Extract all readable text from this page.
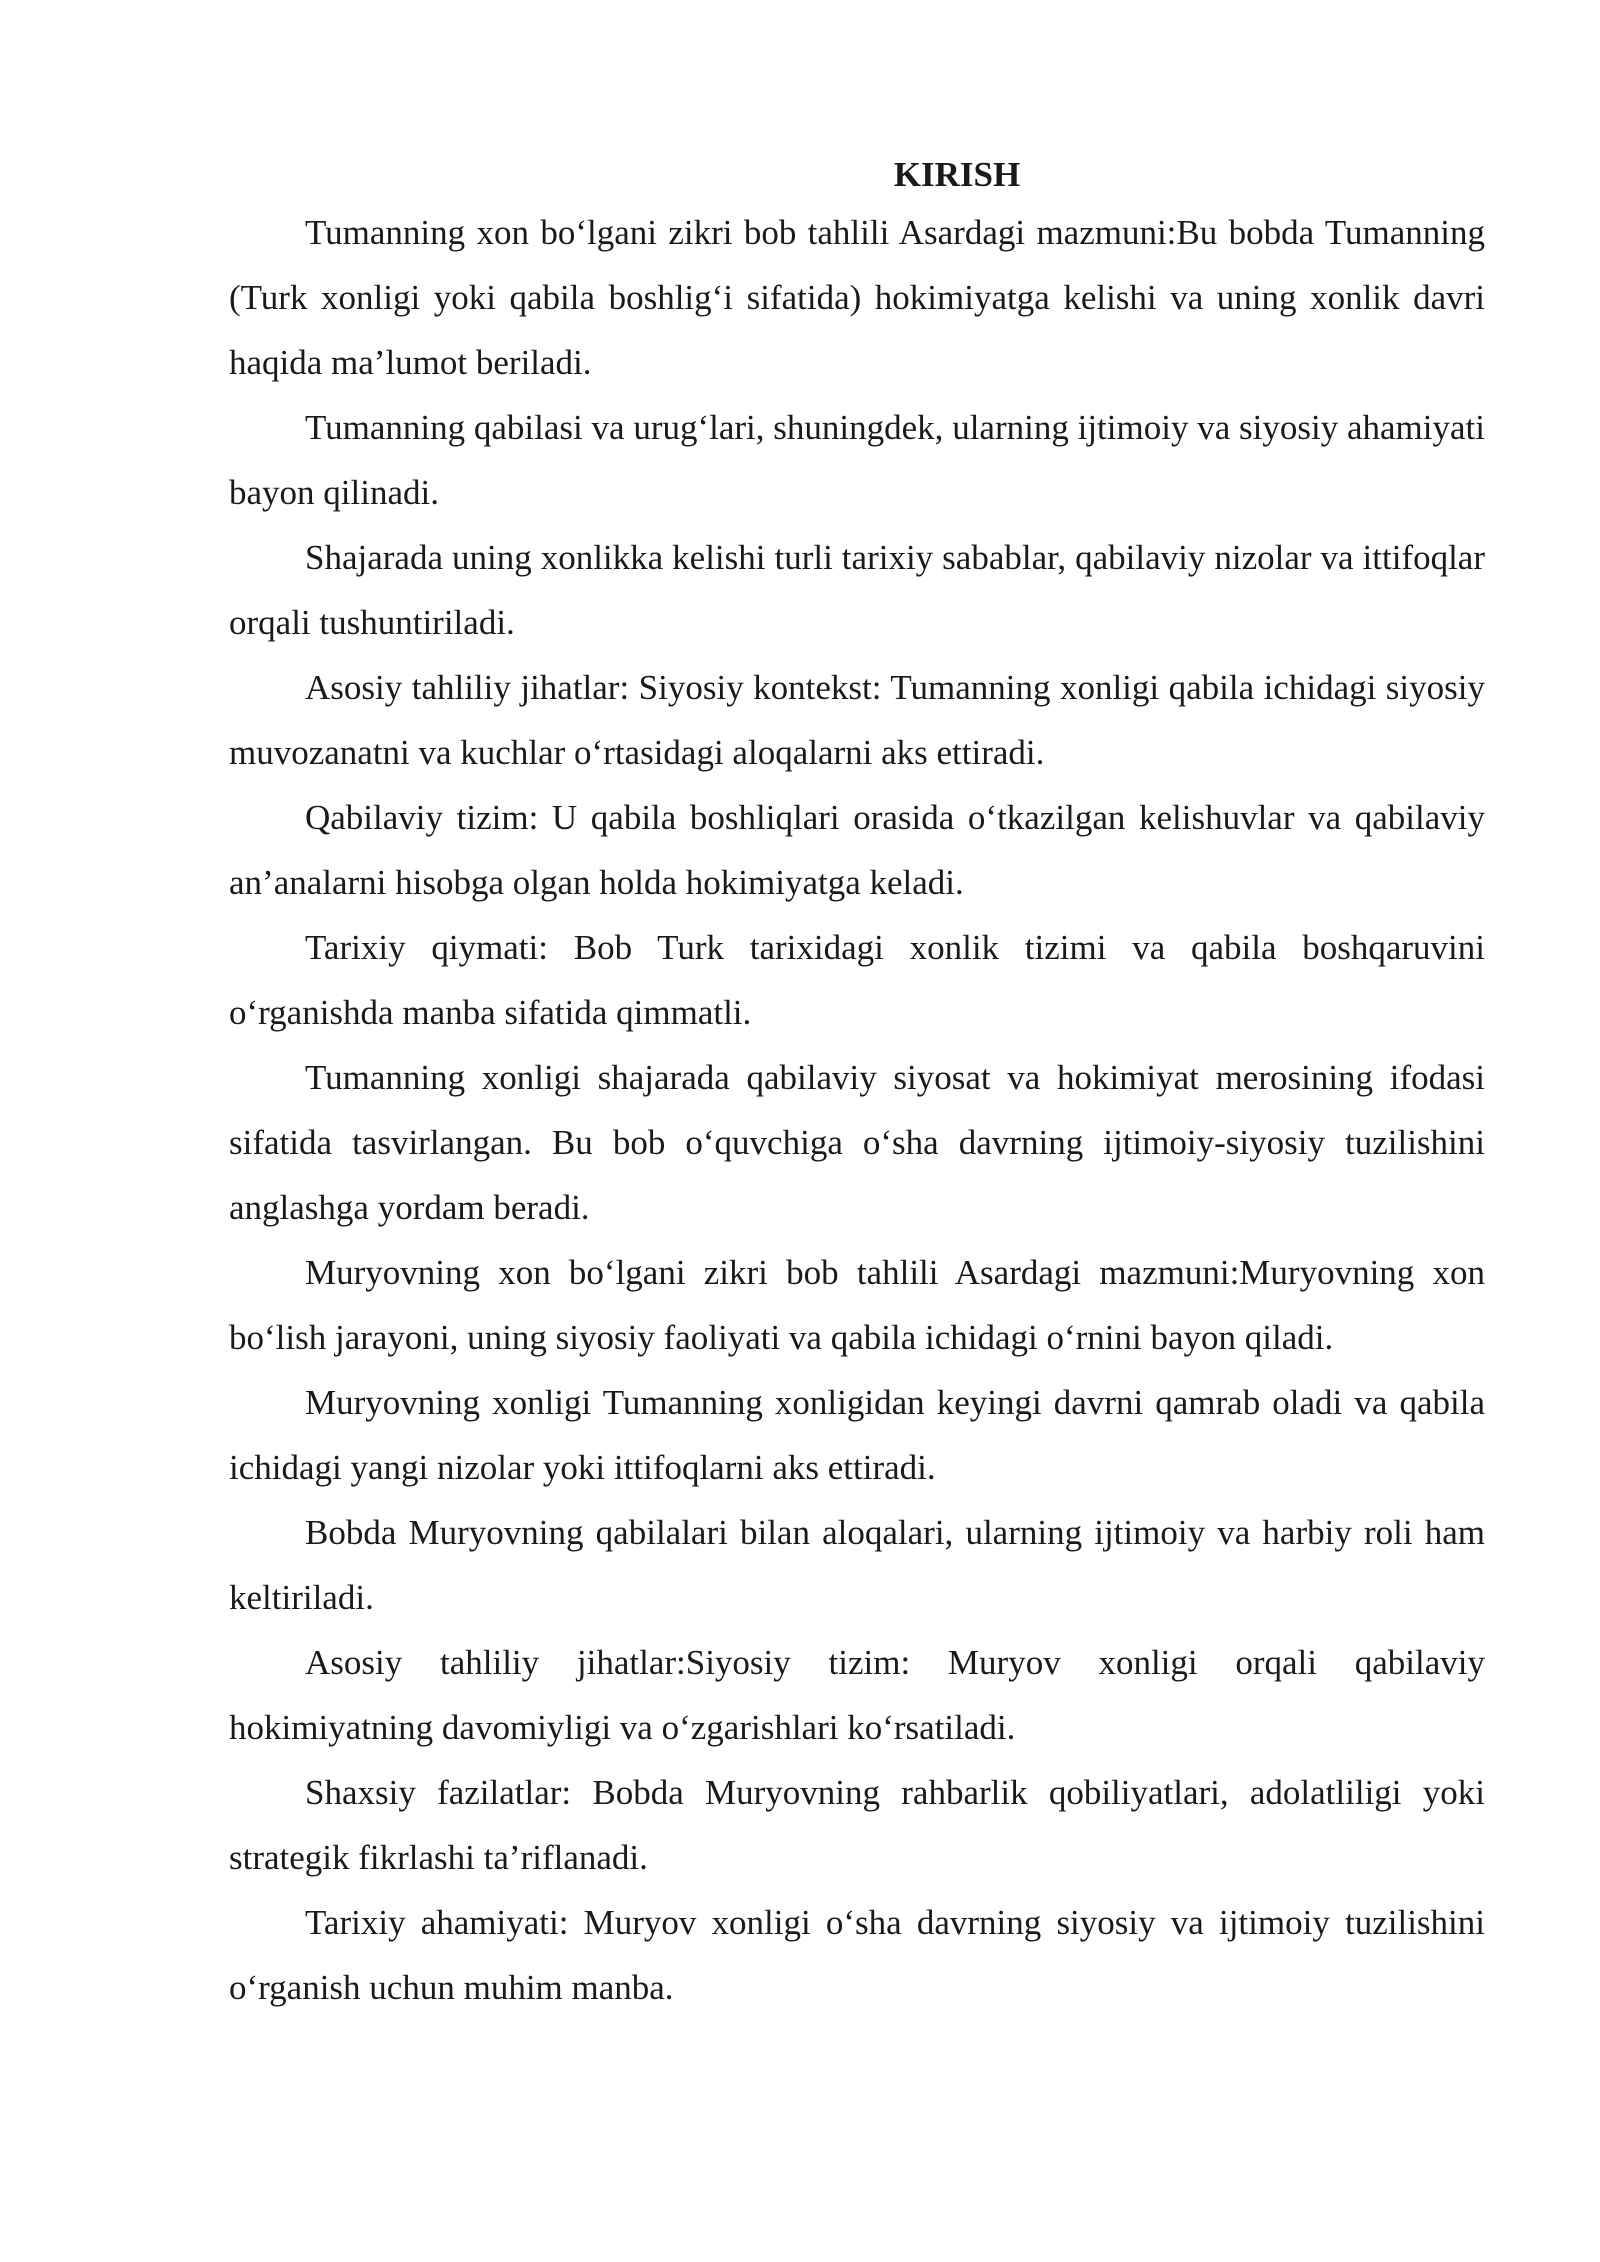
KIRISH

Tumanning xon bo‘lgani zikri bob tahlili Asardagi mazmuni:Bu bobda Tumanning (Turk xonligi yoki qabila boshlig‘i sifatida) hokimiyatga kelishi va uning xonlik davri haqida ma’lumot beriladi.

Tumanning qabilasi va urug‘lari, shuningdek, ularning ijtimoiy va siyosiy ahamiyati bayon qilinadi.

Shajarada uning xonlikka kelishi turli tarixiy sabablar, qabilaviy nizolar va ittifoqlar orqali tushuntiriladi.

Asosiy tahliliy jihatlar: Siyosiy kontekst: Tumanning xonligi qabila ichidagi siyosiy muvozanatni va kuchlar o‘rtasidagi aloqalarni aks ettiradi.

Qabilaviy tizim: U qabila boshliqlari orasida o‘tkazilgan kelishuvlar va qabilaviy an’analarni hisobga olgan holda hokimiyatga keladi.

Tarixiy qiymati: Bob Turk tarixidagi xonlik tizimi va qabila boshqaruvini o‘rganishda manba sifatida qimmatli.

Tumanning xonligi shajarada qabilaviy siyosat va hokimiyat merosining ifodasi sifatida tasvirlangan. Bu bob o‘quvchiga o‘sha davrning ijtimoiy-siyosiy tuzilishini anglashga yordam beradi.

Muryovning xon bo‘lgani zikri bob tahlili Asardagi mazmuni:Muryovning xon bo‘lish jarayoni, uning siyosiy faoliyati va qabila ichidagi o‘rnini bayon qiladi.

Muryovning xonligi Tumanning xonligidan keyingi davrni qamrab oladi va qabila ichidagi yangi nizolar yoki ittifoqlarni aks ettiradi.

Bobda Muryovning qabilalari bilan aloqalari, ularning ijtimoiy va harbiy roli ham keltiriladi.

Asosiy tahliliy jihatlar:Siyosiy tizim: Muryov xonligi orqali qabilaviy hokimiyatning davomiyligi va o‘zgarishlari ko‘rsatiladi.

Shaxsiy fazilatlar: Bobda Muryovning rahbarlik qobiliyatlari, adolatliligi yoki strategik fikrlashi ta’riflanadi.

Tarixiy ahamiyati: Muryov xonligi o‘sha davrning siyosiy va ijtimoiy tuzilishini o‘rganish uchun muhim manba.
